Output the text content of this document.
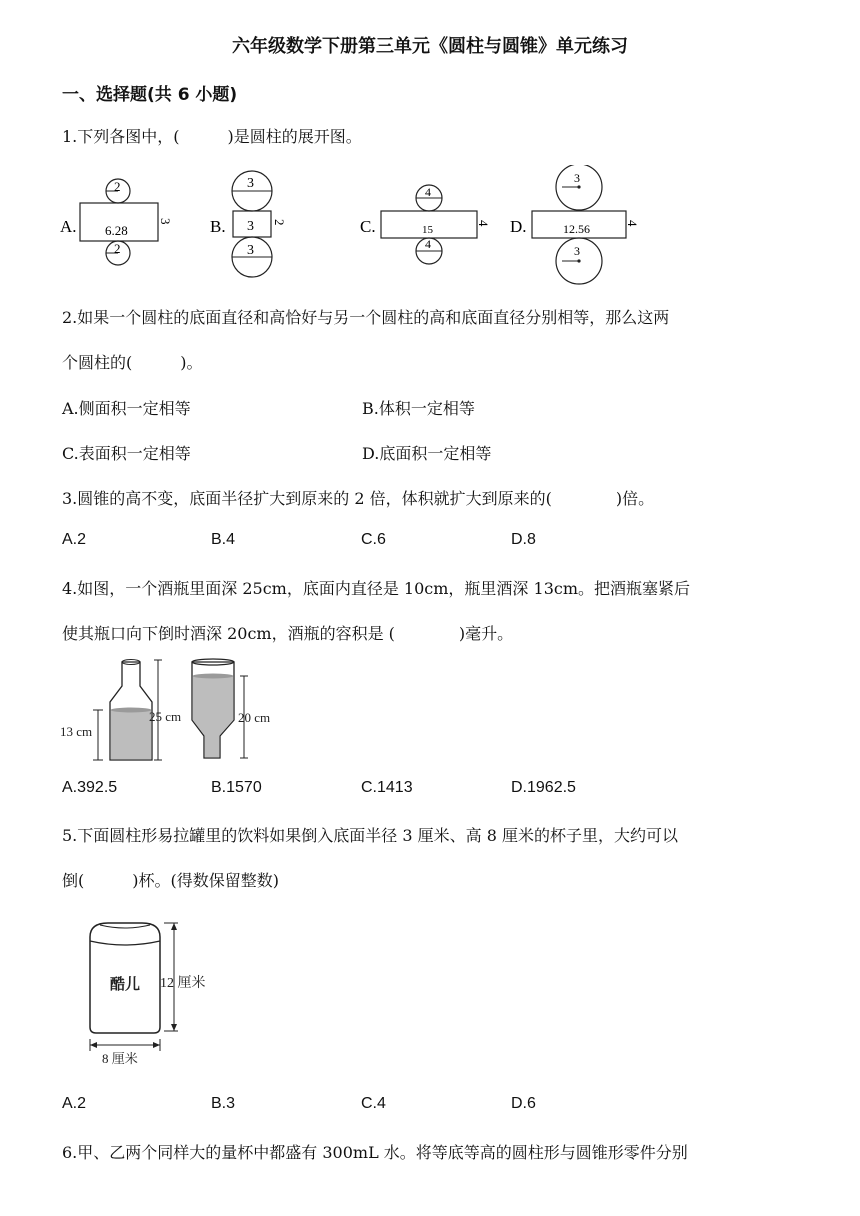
六年级数学下册第三单元《圆柱与圆锥》单元练习
一、选择题(共 6 小题)
1.下列各图中，(　　　)是圆柱的展开图。
A.
2
6.28
3
2
B.
3
3 2
3
C.
4
15
4
4
D.
3
12.56	4
3
2.如果一个圆柱的底面直径和高恰好与另一个圆柱的高和底面直径分别相等，那么这两
个圆柱的(　　　)。
A.侧面积一定相等	B.体积一定相等
C.表面积一定相等	D.底面积一定相等
3.圆锥的高不变，底面半径扩大到原来的 2 倍，体积就扩大到原来的(　　　　)倍。
A.2	B.4	C.6	D.8
4.如图，一个酒瓶里面深 25cm，底面内直径是 10cm，瓶里酒深 13cm。把酒瓶塞紧后
使其瓶口向下倒时酒深 20cm，酒瓶的容积是 (　　　　)毫升。
13 cm
25 cm	20 cm
A.392.5	B.1570	C.1413	D.1962.5
5.下面圆柱形易拉罐里的饮料如果倒入底面半径 3 厘米、高 8 厘米的杯子里，大约可以
倒(　　　)杯。(得数保留整数)
酷儿 12 厘米
8 厘米
A.2	B.3	C.4	D.6
6.甲、乙两个同样大的量杯中都盛有 300mL 水。将等底等高的圆柱形与圆锥形零件分别
